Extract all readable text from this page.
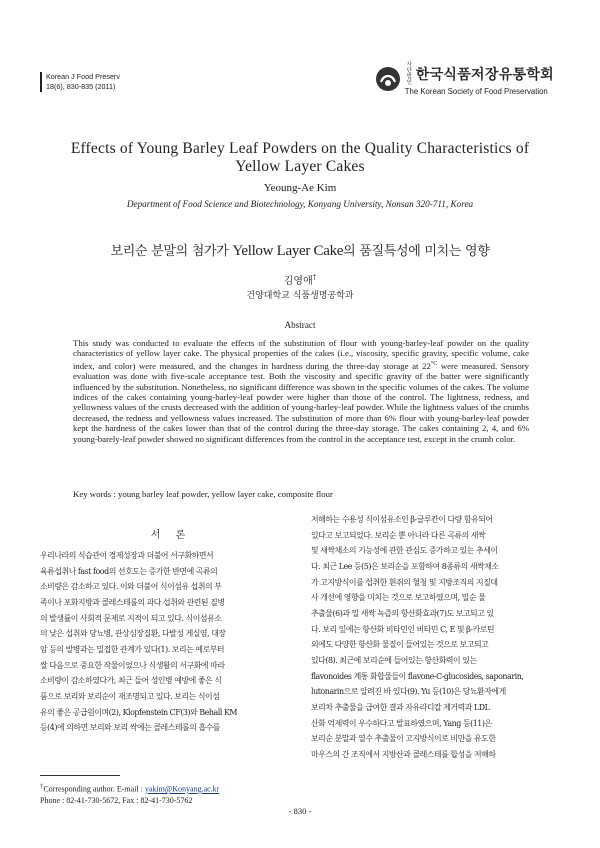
Korean J Food Preserv
18(6), 830-835 (2011)
사단법인 한국식품저장유통학회
The Korean Society of Food Preservation
Effects of Young Barley Leaf Powders on the Quality Characteristics of
Yellow Layer Cakes
Yeoung-Ae Kim
Department of Food Science and Biotechnology, Konyang University, Nonsan 320-711, Korea
보리순 분말의 첨가가 Yellow Layer Cake의 품질특성에 미치는 영향
김영애†
건양대학교 식품생명공학과
Abstract
This study was conducted to evaluate the effects of the substitution of flour with young-barley-leaf powder on the quality characteristics of yellow layer cake. The physical properties of the cakes (i.e., viscosity, specific gravity, specific volume, cake index, and color) were measured, and the changes in hardness during the three-day storage at $22^{^\circ C}$ were measured. Sensory evaluation was done with five-scale acceptance test. Both the viscosity and specific gravity of the batter were significantly influenced by the substitution. Nonetheless, no significant difference was shown in the specific volumes of the cakes. The volume indices of the cakes containing young-barley-leaf powder were higher than those of the control. The lightness, redness, and yellowness values of the crusts decreased with the addition of young-barley-leaf powder. While the lightness values of the crumbs decreased, the redness and yellowness values increased. The substitution of more than 6% flour with young-barley-leaf powder kept the hardness of the cakes lower than that of the control during the three-day storage. The cakes containing 2, 4, and 6% young-barely-leaf powder showed no significant differences from the control in the acceptance test, except in the crumb color.
Key words : young barley leaf powder, yellow layer cake, composite flour
서 론
우리나라의 식습관이 경제성장과 더불어 서구화하면서
육류섭취나 fast food의 선호도는 증가한 반면에 곡류의
소비량은 감소하고 있다. 이와 더불어 식이섬유 섭취의 부
족이나 포화지방과 콜레스테롤의 과다 섭취와 관련된 질병
의 발생률이 사회적 문제로 지적이 되고 있다. 식이섬유소
의 낮은 섭취와 당뇨병, 관상심장질환, 다발성 게실염, 대장
암 등의 발병과는 밀접한 관계가 있다(1). 보리는 예로부터
쌀 다음으로 중요한 작물이었으나 식생활의 서구화에 따라
소비량이 감소하였다가, 최근 들어 성인병 예방에 좋은 식
품으로 보리와 보리순이 재조명되고 있다. 보리는 식이섬
유의 좋은 공급원이며(2), Klopfenstein CF(3)와 Behall KM
등(4)에 의하면 보리와 보리 싹에는 콜레스테롤의 흡수를
저해하는 수용성 식이섬유소인 β-글루칸이 다량 함유되어
있다고 보고되었다. 보리순 뿐 아니라 다른 곡류의 새싹
및 새싹채소의 기능성에 관한 관심도 증가하고 있는 추세이
다. 최근 Lee 등(5)은 보리순을 포함하여 8종류의 새싹채소
가 고지방식이를 섭취한 흰쥐의 혈청 및 지방조직의 지질대
사 개선에 영향을 미치는 것으로 보고하였으며, 밀순 물
추출물(6)과 밀 새싹 녹즙의 항산화효과(7)도 보고되고 있
다. 보리 잎에는 항산화 비타민인 비타민 C, E 및 β-카로틴
외에도 다양한 항산화 물질이 들어있는 것으로 보고되고
있다(8). 최근에 보리순에 들어있는 항산화력이 있는
flavonoides 계통 화합물들이 flavone-C-glucosides, saponarin,
lutonarin으로 알려진 바 있다(9). Yu 등(10)은 당뇨환자에게
보리차 추출물을 급여한 결과 자유라디칼 제거력과 LDL
산화 억제력이 우수하다고 발표하였으며, Yang 등(11)은
보리순 분말과 열수 추출물이 고지방식이로 비만을 유도한
마우스의 간 조직에서 지방산과 콜레스테롤 합성을 저해하
†Corresponding author. E-mail : yakim@Konyang.ac.kr
Phone : 82-41-730-5672, Fax : 82-41-730-5762
- 830 -
